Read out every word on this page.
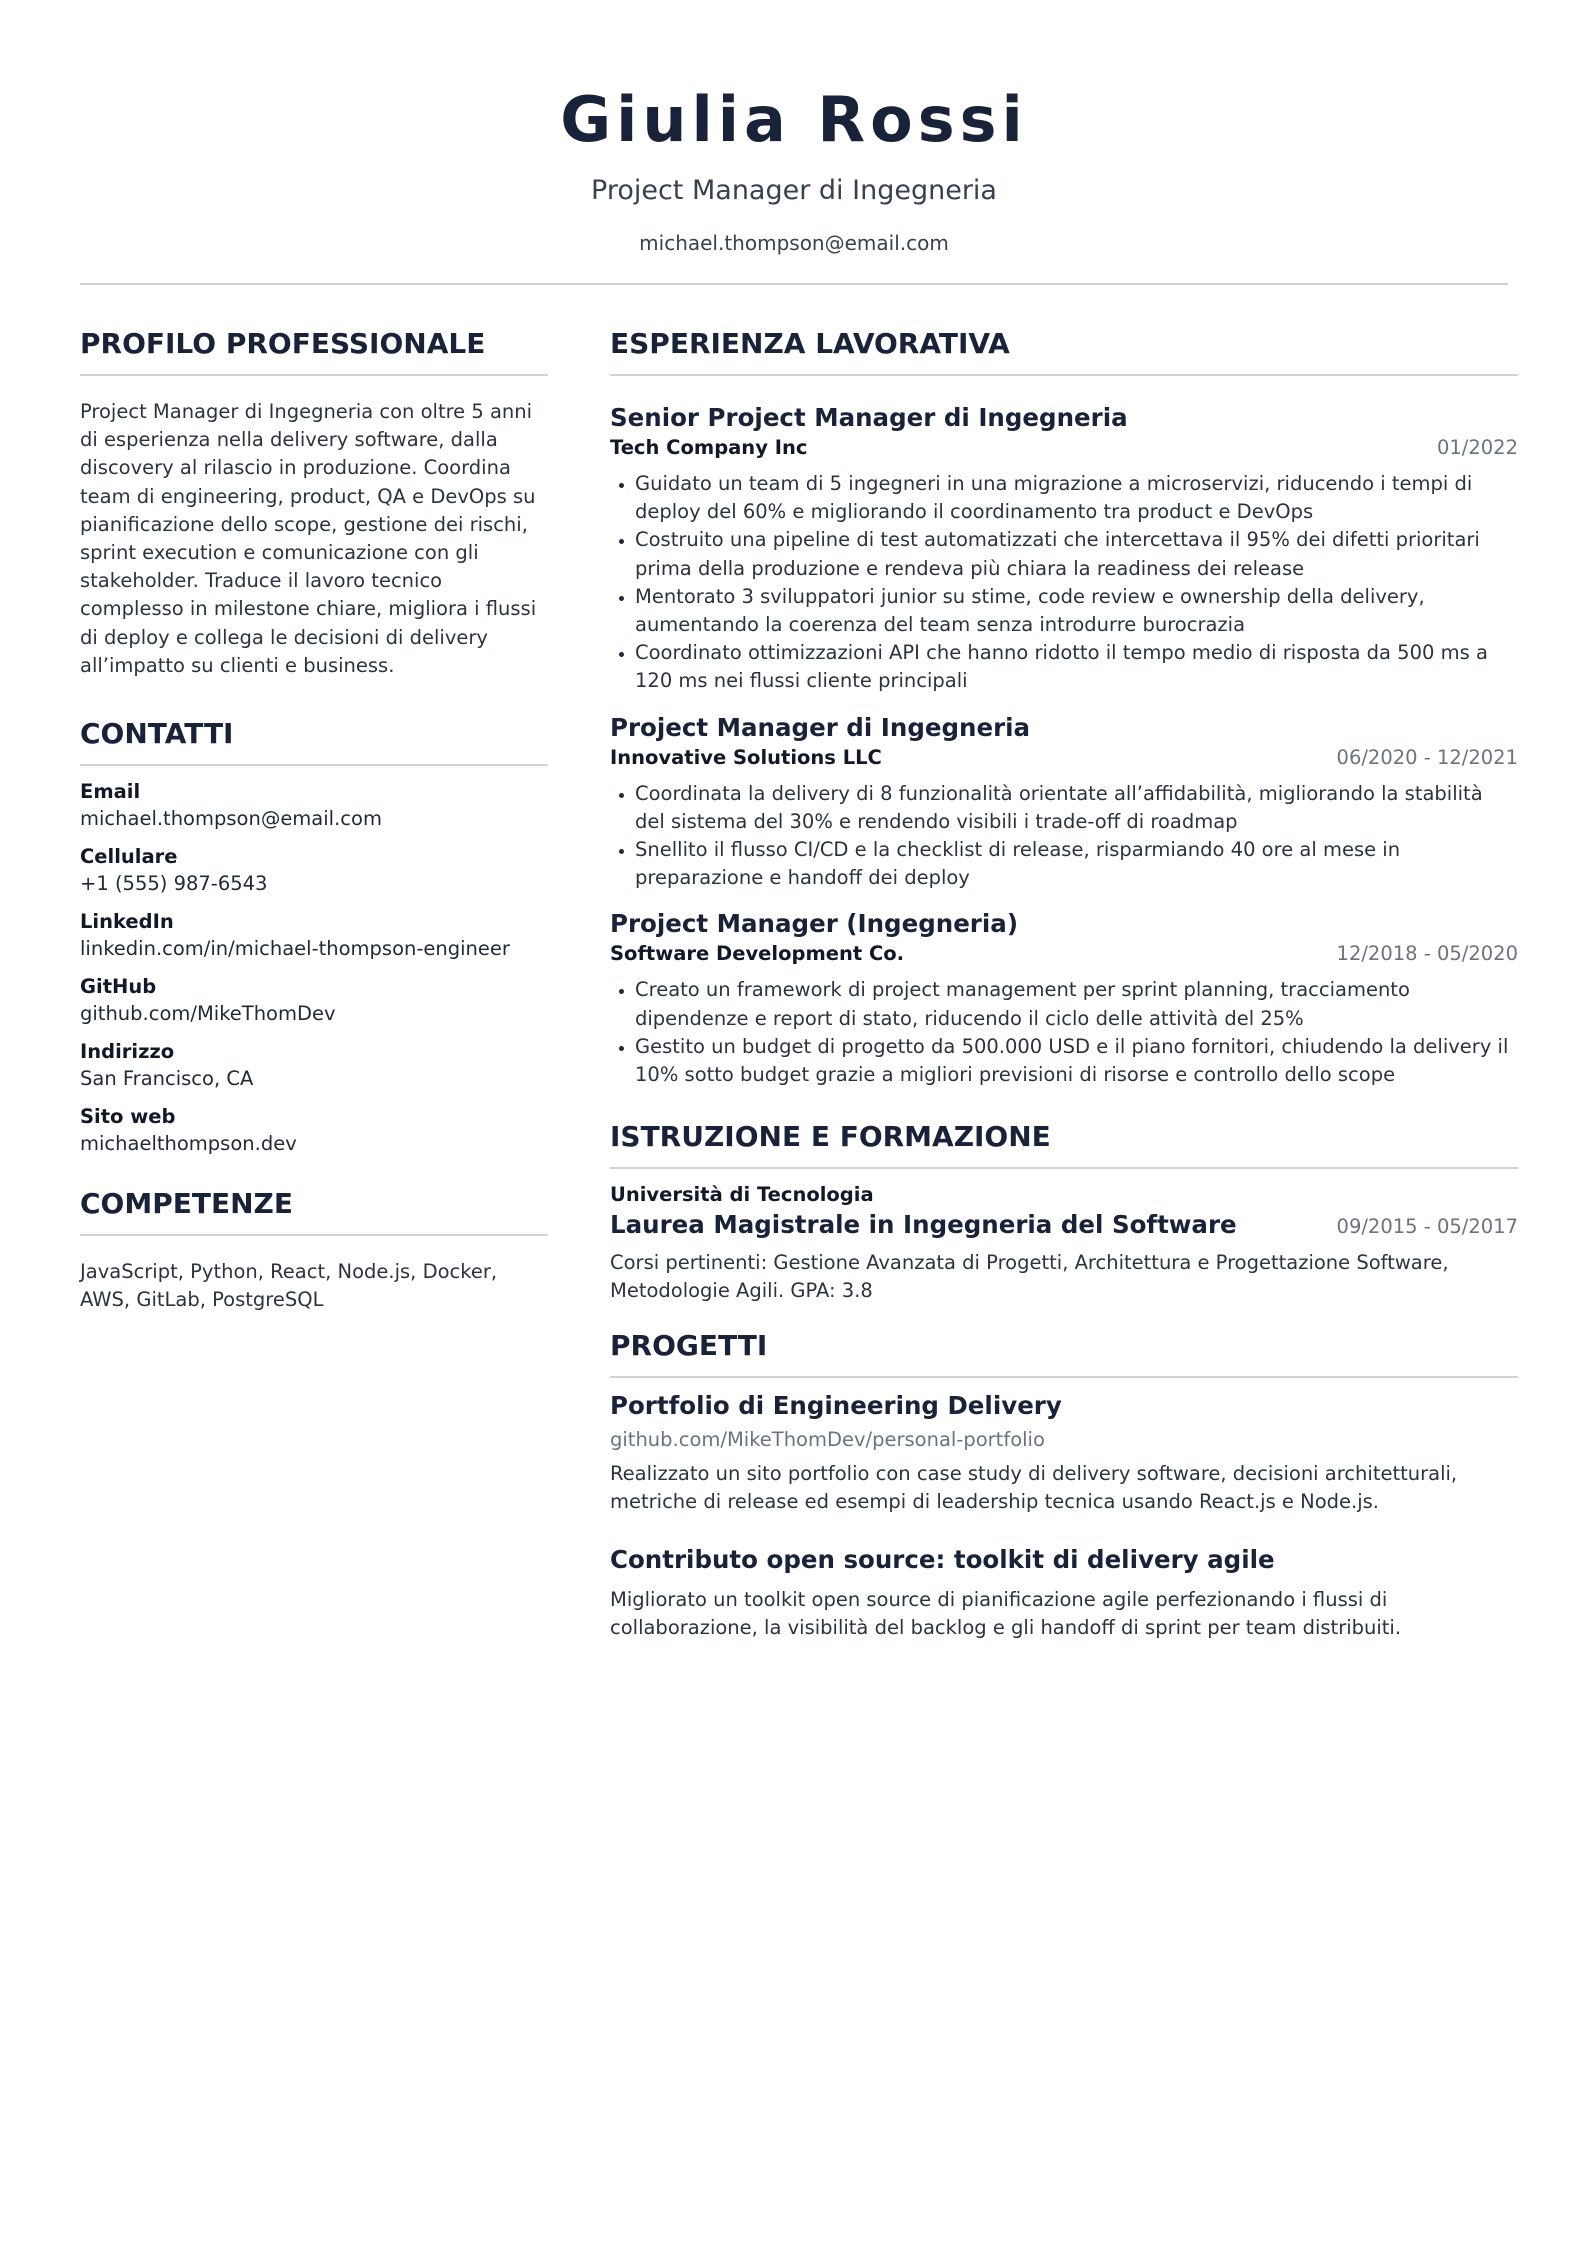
Giulia Rossi
Project Manager di Ingegneria
michael.thompson@email.com
PROFILO PROFESSIONALE
Project Manager di Ingegneria con oltre 5 anni di esperienza nella delivery software, dalla discovery al rilascio in produzione. Coordina team di engineering, product, QA e DevOps su pianificazione dello scope, gestione dei rischi, sprint execution e comunicazione con gli stakeholder. Traduce il lavoro tecnico complesso in milestone chiare, migliora i flussi di deploy e collega le decisioni di delivery all’impatto su clienti e business.
CONTATTI
Email
michael.thompson@email.com
Cellulare
+1 (555) 987-6543
LinkedIn
linkedin.com/in/michael-thompson-engineer
GitHub
github.com/MikeThomDev
Indirizzo
San Francisco, CA
Sito web
michaelthompson.dev
COMPETENZE
JavaScript, Python, React, Node.js, Docker, AWS, GitLab, PostgreSQL
ESPERIENZA LAVORATIVA
Senior Project Manager di Ingegneria
Tech Company Inc	01/2022
Guidato un team di 5 ingegneri in una migrazione a microservizi, riducendo i tempi di deploy del 60% e migliorando il coordinamento tra product e DevOps
Costruito una pipeline di test automatizzati che intercettava il 95% dei difetti prioritari prima della produzione e rendeva più chiara la readiness dei release
Mentorato 3 sviluppatori junior su stime, code review e ownership della delivery, aumentando la coerenza del team senza introdurre burocrazia
Coordinato ottimizzazioni API che hanno ridotto il tempo medio di risposta da 500 ms a 120 ms nei flussi cliente principali
Project Manager di Ingegneria
Innovative Solutions LLC	06/2020 - 12/2021
Coordinata la delivery di 8 funzionalità orientate all’affidabilità, migliorando la stabilità del sistema del 30% e rendendo visibili i trade-off di roadmap
Snellito il flusso CI/CD e la checklist di release, risparmiando 40 ore al mese in preparazione e handoff dei deploy
Project Manager (Ingegneria)
Software Development Co.	12/2018 - 05/2020
Creato un framework di project management per sprint planning, tracciamento dipendenze e report di stato, riducendo il ciclo delle attività del 25%
Gestito un budget di progetto da 500.000 USD e il piano fornitori, chiudendo la delivery il 10% sotto budget grazie a migliori previsioni di risorse e controllo dello scope
ISTRUZIONE E FORMAZIONE
Università di Tecnologia
Laurea Magistrale in Ingegneria del Software	09/2015 - 05/2017
Corsi pertinenti: Gestione Avanzata di Progetti, Architettura e Progettazione Software, Metodologie Agili. GPA: 3.8
PROGETTI
Portfolio di Engineering Delivery
github.com/MikeThomDev/personal-portfolio
Realizzato un sito portfolio con case study di delivery software, decisioni architetturali, metriche di release ed esempi di leadership tecnica usando React.js e Node.js.
Contributo open source: toolkit di delivery agile
Migliorato un toolkit open source di pianificazione agile perfezionando i flussi di collaborazione, la visibilità del backlog e gli handoff di sprint per team distribuiti.
